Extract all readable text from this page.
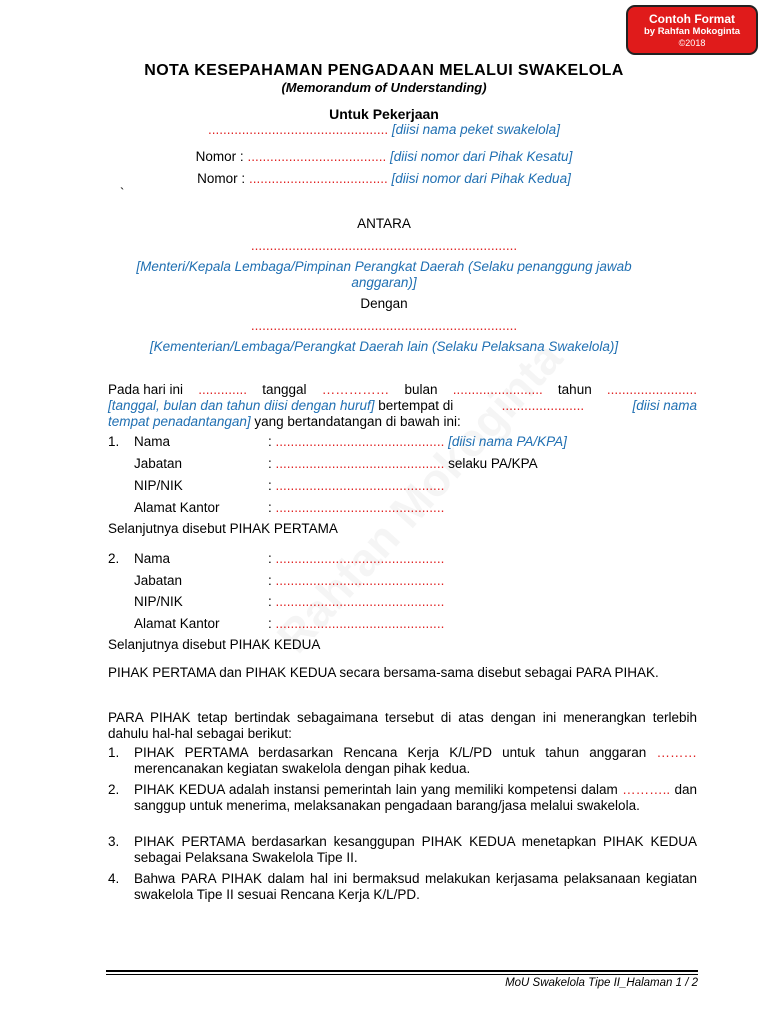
Contoh Format
by Rahfan Mokoginta
©2018
NOTA KESEPAHAMAN PENGADAAN MELALUI SWAKELOLA
(Memorandum of Understanding)
Untuk Pekerjaan
................................................ [diisi nama peket swakelola]
Nomor : ..................................... [diisi nomor dari Pihak Kesatu]
Nomor : ..................................... [diisi nomor dari Pihak Kedua]
`
ANTARA
.......................................................................
[Menteri/Kepala Lembaga/Pimpinan Perangkat Daerah (Selaku penanggung jawab
anggaran)]
Dengan
.......................................................................
[Kementerian/Lembaga/Perangkat Daerah lain (Selaku Pelaksana Swakelola)]
Pada hari ini ............. tanggal …………… bulan ........................ tahun ........................
[tanggal, bulan dan tahun diisi dengan huruf] bertempat di	......................	[diisi nama
tempat penadantangan] yang bertandatangan di bawah ini:
1. Nama	: ............................................. [diisi nama PA/KPA]
Jabatan	: ............................................. selaku PA/KPA
NIP/NIK	: .............................................
Alamat Kantor	: .............................................
Selanjutnya disebut PIHAK PERTAMA
2. Nama	: .............................................
Jabatan	: .............................................
NIP/NIK	: .............................................
Alamat Kantor	: .............................................
Selanjutnya disebut PIHAK KEDUA
PIHAK PERTAMA dan PIHAK KEDUA secara bersama-sama disebut sebagai PARA PIHAK.
PARA PIHAK tetap bertindak sebagaimana tersebut di atas dengan ini menerangkan terlebih dahulu hal-hal sebagai berikut:
1. PIHAK PERTAMA berdasarkan Rencana Kerja K/L/PD untuk tahun anggaran ……… merencanakan kegiatan swakelola dengan pihak kedua.
2. PIHAK KEDUA adalah instansi pemerintah lain yang memiliki kompetensi dalam ……….. dan sanggup untuk menerima, melaksanakan pengadaan barang/jasa melalui swakelola.
3. PIHAK PERTAMA berdasarkan kesanggupan PIHAK KEDUA menetapkan PIHAK KEDUA sebagai Pelaksana Swakelola Tipe II.
4. Bahwa PARA PIHAK dalam hal ini bermaksud melakukan kerjasama pelaksanaan kegiatan swakelola Tipe II sesuai Rencana Kerja K/L/PD.
MoU Swakelola Tipe II_Halaman 1 / 2
